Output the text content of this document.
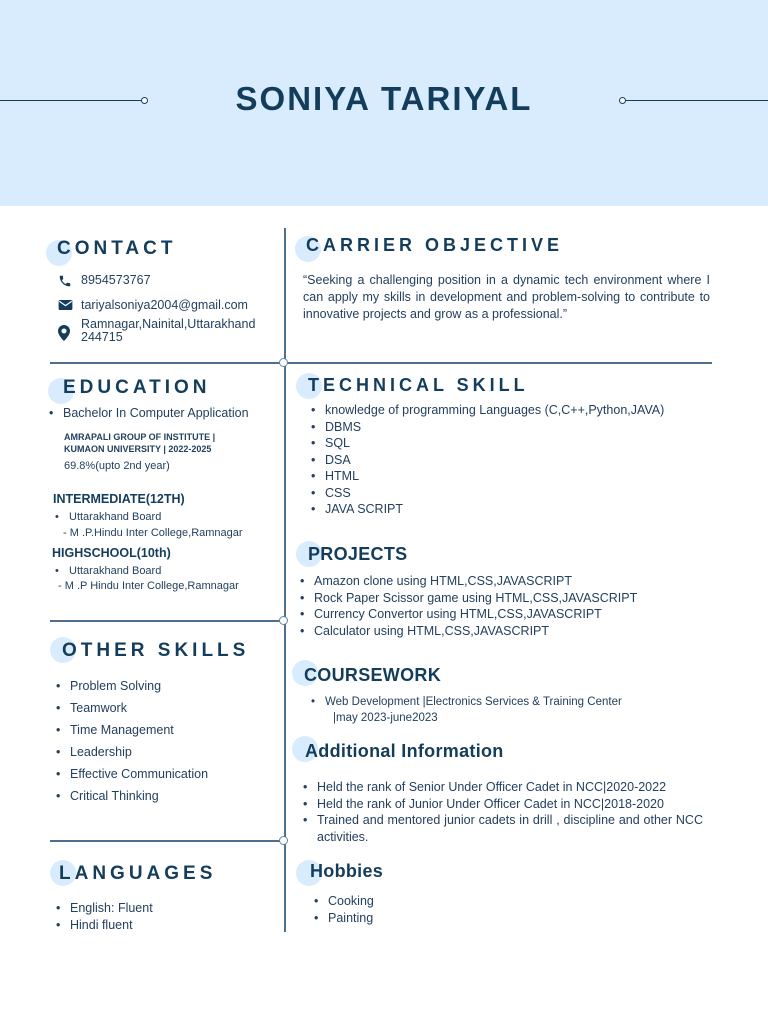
SONIYA TARIYAL
CONTACT
8954573767
tariyalsoniya2004@gmail.com
Ramnagar,Nainital,Uttarakhand
244715
EDUCATION
• Bachelor In Computer Application
AMRAPALI GROUP OF INSTITUTE |
KUMAON UNIVERSITY | 2022-2025
69.8%(upto 2nd year)
INTERMEDIATE(12TH)
• Uttarakhand Board
- M .P.Hindu Inter College,Ramnagar
HIGHSCHOOL(10th)
• Uttarakhand Board
- M .P Hindu Inter College,Ramnagar
OTHER SKILLS
• Problem Solving
• Teamwork
• Time Management
• Leadership
• Effective Communication
• Critical Thinking
LANGUAGES
• English: Fluent
• Hindi fluent
CARRIER OBJECTIVE
“Seeking a challenging position in a dynamic tech environment where I can apply my skills in development and problem-solving to contribute to innovative projects and grow as a professional.”
TECHNICAL SKILL
• knowledge of programming Languages (C,C++,Python,JAVA)
• DBMS
• SQL
• DSA
• HTML
• CSS
• JAVA SCRIPT
PROJECTS
• Amazon clone using HTML,CSS,JAVASCRIPT
• Rock Paper Scissor game using HTML,CSS,JAVASCRIPT
• Currency Convertor using HTML,CSS,JAVASCRIPT
• Calculator using HTML,CSS,JAVASCRIPT
COURSEWORK
• Web Development |Electronics Services & Training Center
|may 2023-june2023
Additional Information
• Held the rank of Senior Under Officer Cadet in NCC|2020-2022
• Held the rank of Junior Under Officer Cadet in NCC|2018-2020
• Trained and mentored junior cadets in drill , discipline and other NCC activities.
Hobbies
• Cooking
• Painting
